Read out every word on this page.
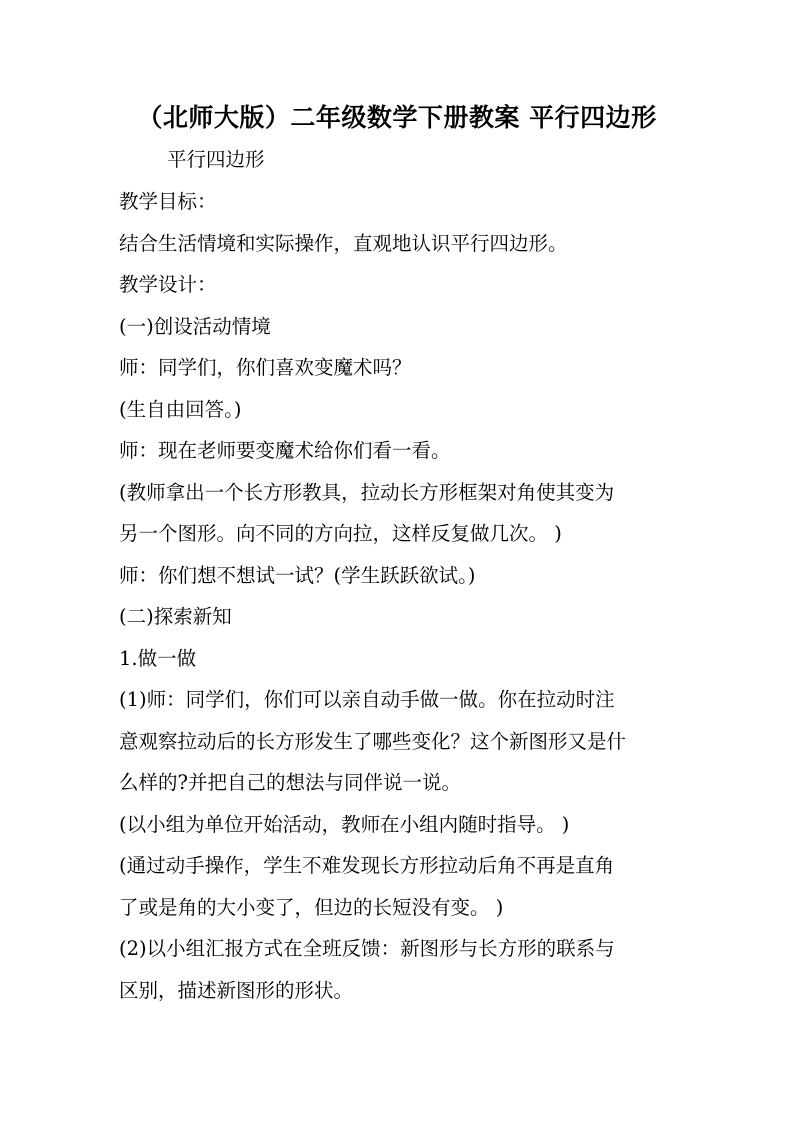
（北师大版）二年级数学下册教案 平行四边形
平行四边形
教学目标：
结合生活情境和实际操作，直观地认识平行四边形。
教学设计：
(一)创设活动情境
师：同学们，你们喜欢变魔术吗？
(生自由回答。)
师：现在老师要变魔术给你们看一看。
(教师拿出一个长方形教具，拉动长方形框架对角使其变为
另一个图形。向不同的方向拉，这样反复做几次。 )
师：你们想不想试一试？(学生跃跃欲试。)
(二)探索新知
1.做一做
(1)师：同学们，你们可以亲自动手做一做。你在拉动时注
意观察拉动后的长方形发生了哪些变化？这个新图形又是什
么样的?并把自己的想法与同伴说一说。
(以小组为单位开始活动，教师在小组内随时指导。 )
(通过动手操作，学生不难发现长方形拉动后角不再是直角
了或是角的大小变了，但边的长短没有变。 )
(2)以小组汇报方式在全班反馈：新图形与长方形的联系与
区别，描述新图形的形状。
